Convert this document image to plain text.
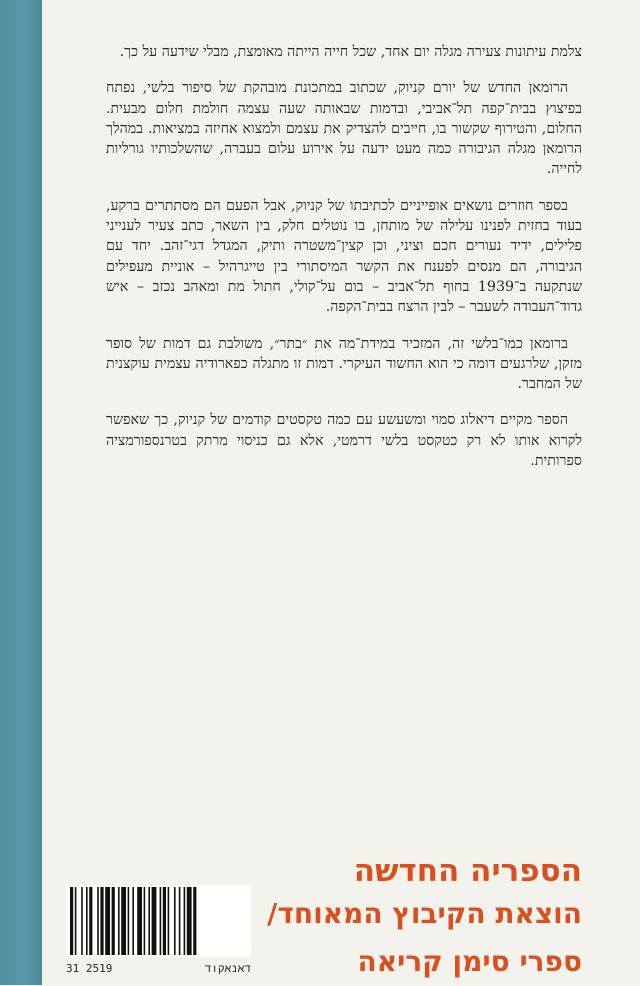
צלמת עיתונות צעירה מגלה יום אחד, שכל חייה הייתה מאומצת, מבלי שידעה על כך.

הרומאן החדש של יורם קניוק, שכתוב במתכונת מובהקת של סיפור בלשי, נפתח בפיצוץ בבית־קפה תל־אביבי, ובדמות שבאותה שעה עצמה חולמת חלום מבעית. החלום, והטירוף שקשור בו, חייבים להצדיק את עצמם ולמצוא אחיזה במציאות. במהלך הרומאן מגלה הגיבורה כמה מעט ידעה על אירוע עלום בעברה, שהשלכותיו גורליות לחייה.

בספר חוזרים נושאים אופייניים לכתיבתו של קניוק, אבל הפעם הם מסתתרים ברקע, בעוד בחזית לפנינו עלילה של מותחן, בו נוטלים חלק, בין השאר, כתב צעיר לענייני פלילים, ידיד נעורים חכם וציני, וכן קצין־משטרה ותיק, המגדל דגי־זהב. יחד עם הגיבורה, הם מנסים לפענח את הקשר המיסתורי בין טייגרהיל – אוניית מעפילים שנתקעה ב־1939 בחוף תל־אביב – בום על־קולי, חתול מת ומאהב נכזב – איש גדוד־העבודה לשעבר – לבין הרצח בבית־הקפה.

ברומאן כמו־בלשי זה, המזכיר במידת־מה את ״בתר״, משולבת גם דמות של סופר מזקן, שלרגעים דומה כי הוא החשוד העיקרי. דמות זו מתגלה כפארודיה עצמית עוקצנית של המחבר.

הספר מקיים דיאלוג סמוי ומשעשע עם כמה טקסטים קודמים של קניוק, כך שאפשר לקרוא אותו לא רק כטקסט בלשי דרמטי, אלא גם כניסוי מרתק בטרנספורמציה ספרותית.

הספריה החדשה
הוצאת הקיבוץ המאוחד/
ספרי סימן קריאה
31 2519	דאנאקוד
